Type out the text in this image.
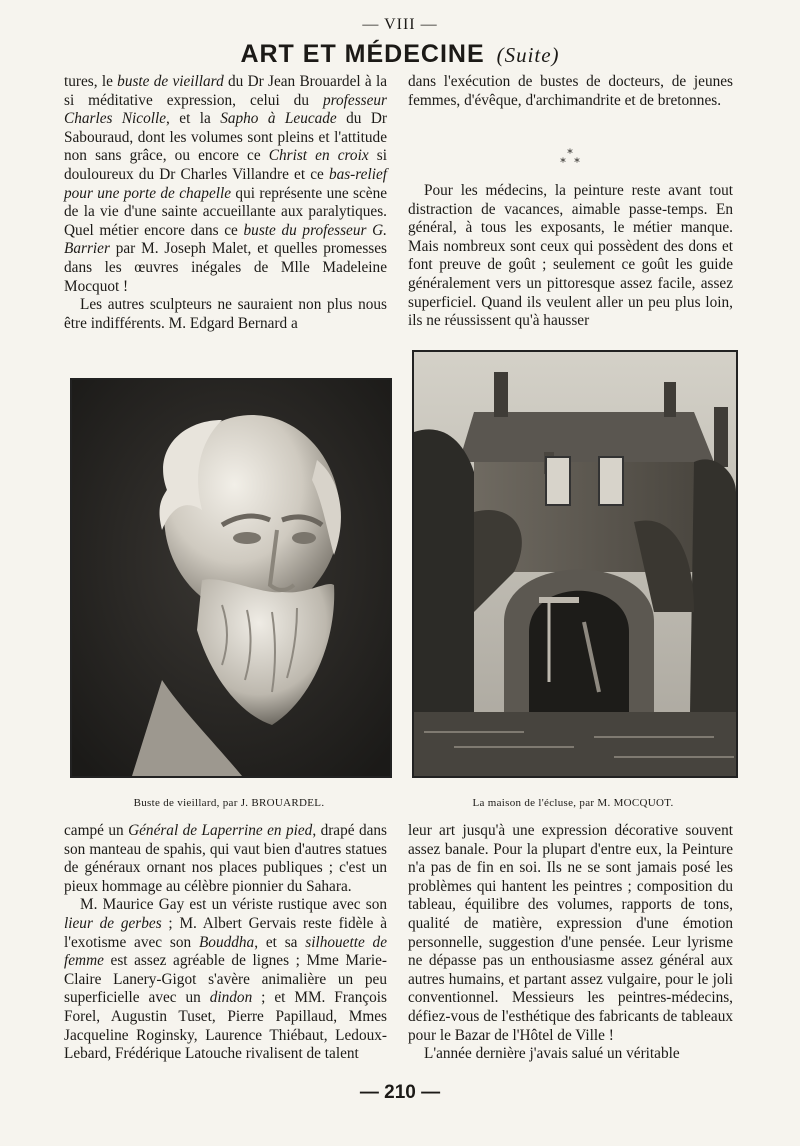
— VIII —
ART ET MÉDECINE (Suite)

tures, le buste de vieillard du Dr Jean Brouardel à la si méditative expression, celui du professeur Charles Nicolle, et la Sapho à Leucade du Dr Sabouraud, dont les volumes sont pleins et l'attitude non sans grâce, ou encore ce Christ en croix si douloureux du Dr Charles Villandre et ce bas-relief pour une porte de chapelle qui représente une scène de la vie d'une sainte accueillante aux paralytiques. Quel métier encore dans ce buste du professeur G. Barrier par M. Joseph Malet, et quelles promesses dans les œuvres inégales de Mlle Madeleine Mocquot !

Les autres sculpteurs ne sauraient non plus nous être indifférents. M. Edgard Bernard a

dans l'exécution de bustes de docteurs, de jeunes femmes, d'évêque, d'archimandrite et de bretonnes.

*
* *

Pour les médecins, la peinture reste avant tout distraction de vacances, aimable passe-temps. En général, à tous les exposants, le métier manque. Mais nombreux sont ceux qui possèdent des dons et font preuve de goût ; seulement ce goût les guide généralement vers un pittoresque assez facile, assez superficiel. Quand ils veulent aller un peu plus loin, ils ne réussissent qu'à hausser

Buste de vieillard, par J. BROUARDEL.	La maison de l'écluse, par M. MOCQUOT.

campé un Général de Laperrine en pied, drapé dans son manteau de spahis, qui vaut bien d'autres statues de généraux ornant nos places publiques ; c'est un pieux hommage au célèbre pionnier du Sahara.

M. Maurice Gay est un vériste rustique avec son lieur de gerbes ; M. Albert Gervais reste fidèle à l'exotisme avec son Bouddha, et sa silhouette de femme est assez agréable de lignes ; Mme Marie-Claire Lanery-Gigot s'avère animalière un peu superficielle avec un dindon ; et MM. François Forel, Augustin Tuset, Pierre Papillaud, Mmes Jacqueline Roginsky, Laurence Thiébaut, Ledoux-Lebard, Frédérique Latouche rivalisent de talent

leur art jusqu'à une expression décorative souvent assez banale. Pour la plupart d'entre eux, la Peinture n'a pas de fin en soi. Ils ne se sont jamais posé les problèmes qui hantent les peintres ; composition du tableau, équilibre des volumes, rapports de tons, qualité de matière, expression d'une émotion personnelle, suggestion d'une pensée. Leur lyrisme ne dépasse pas un enthousiasme assez général aux autres humains, et partant assez vulgaire, pour le joli conventionnel. Messieurs les peintres-médecins, défiez-vous de l'esthétique des fabricants de tableaux pour le Bazar de l'Hôtel de Ville !

L'année dernière j'avais salué un véritable

— 210 —
